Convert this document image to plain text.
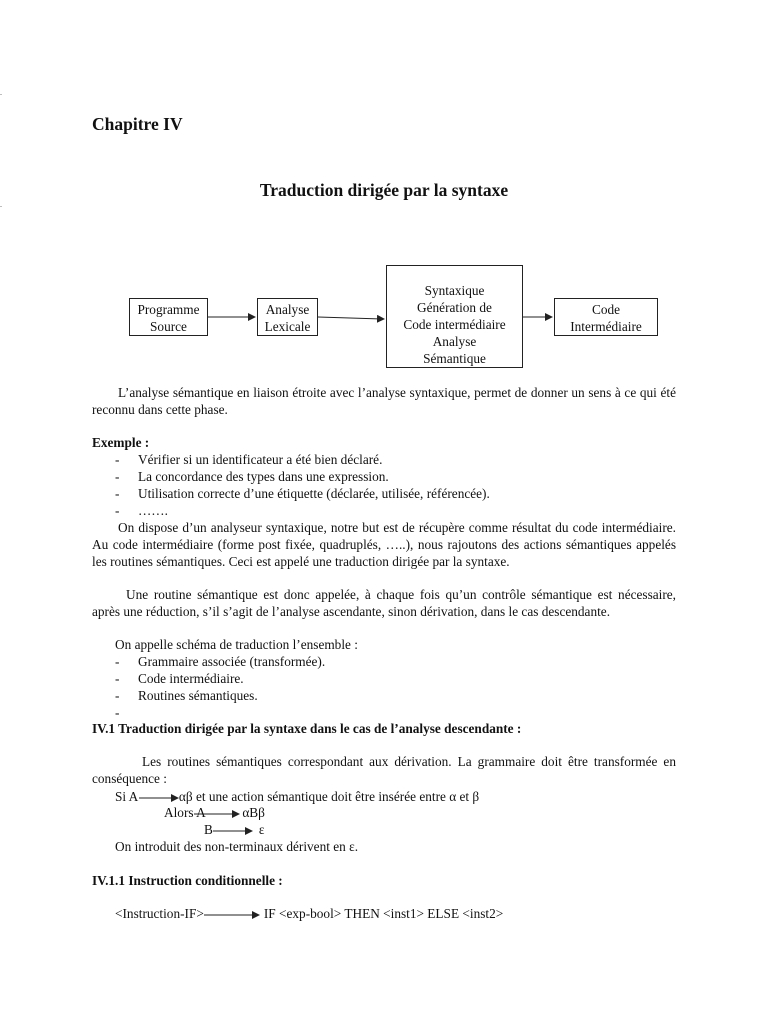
.
.
Chapitre IV
Traduction dirigée par la syntaxe
Programme
Source
Analyse
Lexicale
Syntaxique
Génération de
Code intermédiaire
Analyse
Sémantique
Code
Intermédiaire
L’analyse sémantique en liaison étroite avec l’analyse syntaxique, permet de donner un sens à ce qui été reconnu dans cette phase.
Exemple :
- Vérifier si un identificateur a été bien déclaré.
- La concordance des types dans une expression.
- Utilisation correcte d’une étiquette (déclarée, utilisée, référencée).
- …….
On dispose d’un analyseur syntaxique, notre but est de récupère comme résultat du code intermédiaire. Au code intermédiaire (forme post fixée, quadruplés, …..), nous rajoutons des actions sémantiques appelés les routines sémantiques. Ceci est appelé une traduction dirigée par la syntaxe.
Une routine sémantique est donc appelée, à chaque fois qu’un contrôle sémantique est nécessaire, après une réduction, s’il s’agit de l’analyse ascendante, sinon dérivation, dans le cas descendante.
On appelle schéma de traduction l’ensemble :
- Grammaire associée (transformée).
- Code intermédiaire.
- Routines sémantiques.
-
IV.1 Traduction dirigée par la syntaxe dans le cas de l’analyse descendante :
Les routines sémantiques correspondant aux dérivation. La grammaire doit être transformée en conséquence :
Si A	αβ et une action sémantique doit être insérée entre α et β
Alors A	αBβ
B	ε
On introduit des non-terminaux dérivent en ε.
IV.1.1 Instruction conditionnelle :
<Instruction-IF>	IF <exp-bool> THEN <inst1> ELSE <inst2>
